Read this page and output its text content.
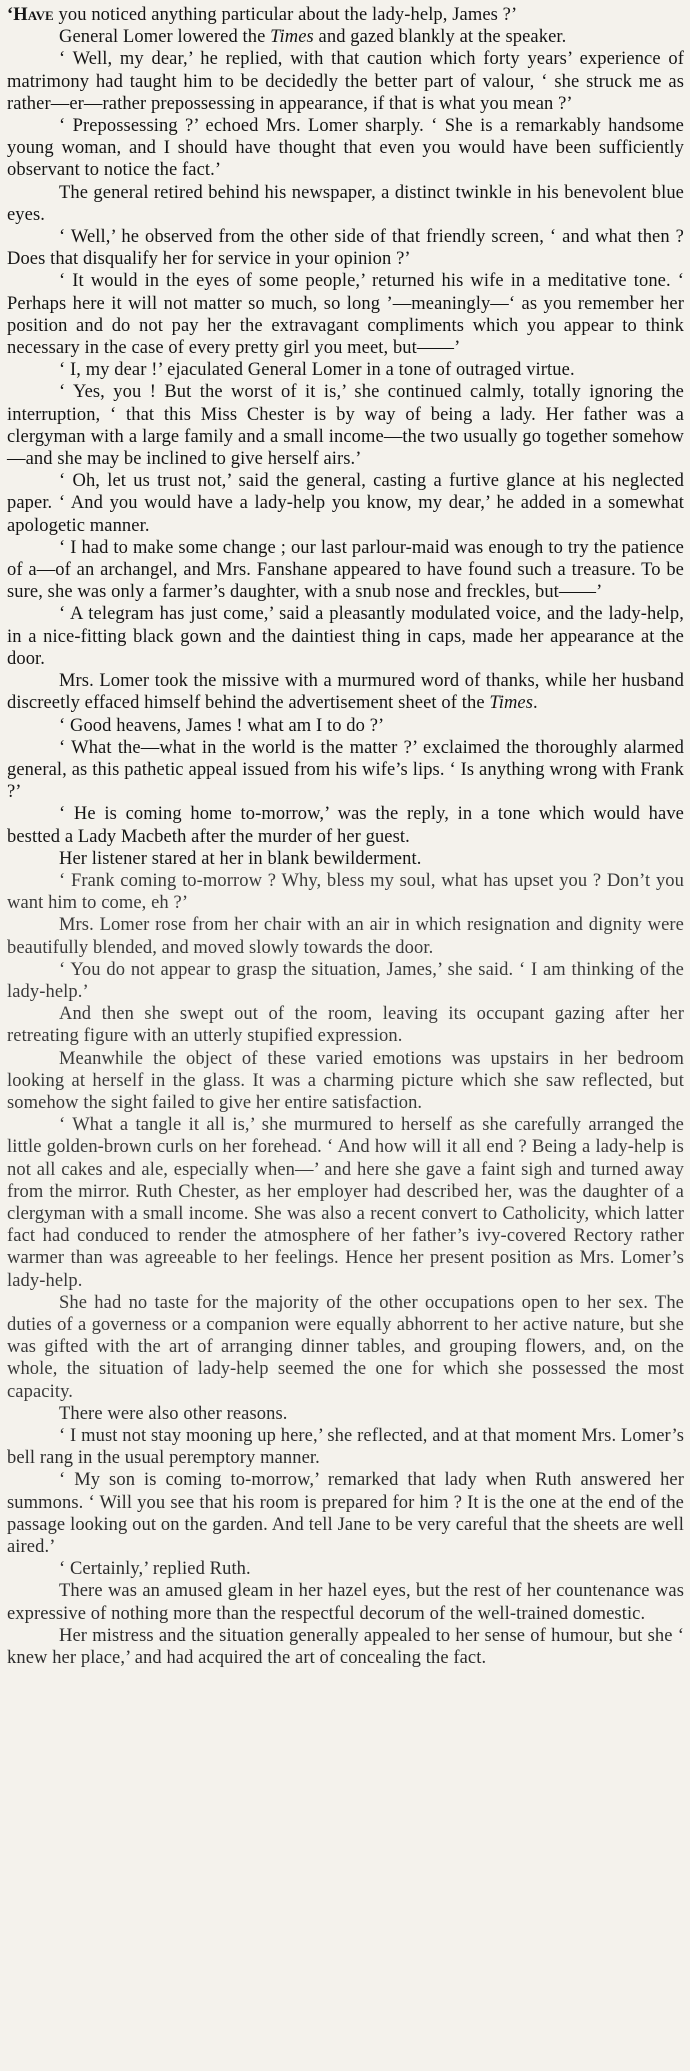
‘Have you noticed anything particular about the lady-help, James ?’

General Lomer lowered the Times and gazed blankly at the speaker.

‘ Well, my dear,’ he replied, with that caution which forty years’ experience of matrimony had taught him to be decidedly the better part of valour, ‘ she struck me as rather—er—rather prepossessing in appearance, if that is what you mean ?’

‘ Prepossessing ?’ echoed Mrs. Lomer sharply. ‘ She is a remarkably handsome young woman, and I should have thought that even you would have been sufficiently observant to notice the fact.’

The general retired behind his newspaper, a distinct twinkle in his benevolent blue eyes.

‘ Well,’ he observed from the other side of that friendly screen, ‘ and what then ? Does that disqualify her for service in your opinion ?’

‘ It would in the eyes of some people,’ returned his wife in a meditative tone. ‘ Perhaps here it will not matter so much, so long ’—meaningly—‘ as you remember her position and do not pay her the extravagant compliments which you appear to think necessary in the case of every pretty girl you meet, but——’

‘ I, my dear !’ ejaculated General Lomer in a tone of outraged virtue.

‘ Yes, you ! But the worst of it is,’ she continued calmly, totally ignoring the interruption, ‘ that this Miss Chester is by way of being a lady. Her father was a clergyman with a large family and a small income—the two usually go together somehow—and she may be inclined to give herself airs.’

‘ Oh, let us trust not,’ said the general, casting a furtive glance at his neglected paper. ‘ And you would have a lady-help you know, my dear,’ he added in a somewhat apologetic manner.

‘ I had to make some change ; our last parlour-maid was enough to try the patience of a—of an archangel, and Mrs. Fanshane appeared to have found such a treasure. To be sure, she was only a farmer’s daughter, with a snub nose and freckles, but——’

‘ A telegram has just come,’ said a pleasantly modulated voice, and the lady-help, in a nice-fitting black gown and the daintiest thing in caps, made her appearance at the door.

Mrs. Lomer took the missive with a murmured word of thanks, while her husband discreetly effaced himself behind the advertisement sheet of the Times.

‘ Good heavens, James ! what am I to do ?’

‘ What the—what in the world is the matter ?’ exclaimed the thoroughly alarmed general, as this pathetic appeal issued from his wife’s lips. ‘ Is anything wrong with Frank ?’

‘ He is coming home to-morrow,’ was the reply, in a tone which would have bestted a Lady Macbeth after the murder of her guest.

Her listener stared at her in blank bewilderment.

‘ Frank coming to-morrow ? Why, bless my soul, what has upset you ? Don’t you want him to come, eh ?’

Mrs. Lomer rose from her chair with an air in which resignation and dignity were beautifully blended, and moved slowly towards the door.

‘ You do not appear to grasp the situation, James,’ she said. ‘ I am thinking of the lady-help.’

And then she swept out of the room, leaving its occupant gazing after her retreating figure with an utterly stupified expression.

Meanwhile the object of these varied emotions was upstairs in her bedroom looking at herself in the glass. It was a charming picture which she saw reflected, but somehow the sight failed to give her entire satisfaction.

‘ What a tangle it all is,’ she murmured to herself as she carefully arranged the little golden-brown curls on her forehead. ‘ And how will it all end ? Being a lady-help is not all cakes and ale, especially when—’ and here she gave a faint sigh and turned away from the mirror. Ruth Chester, as her employer had described her, was the daughter of a clergyman with a small income. She was also a recent convert to Catholicity, which latter fact had conduced to render the atmosphere of her father’s ivy-covered Rectory rather warmer than was agreeable to her feelings. Hence her present position as Mrs. Lomer’s lady-help.

She had no taste for the majority of the other occupations open to her sex. The duties of a governess or a companion were equally abhorrent to her active nature, but she was gifted with the art of arranging dinner tables, and grouping flowers, and, on the whole, the situation of lady-help seemed the one for which she possessed the most capacity.

There were also other reasons.

‘ I must not stay mooning up here,’ she reflected, and at that moment Mrs. Lomer’s bell rang in the usual peremptory manner.

‘ My son is coming to-morrow,’ remarked that lady when Ruth answered her summons. ‘ Will you see that his room is prepared for him ? It is the one at the end of the passage looking out on the garden. And tell Jane to be very careful that the sheets are well aired.’

‘ Certainly,’ replied Ruth.

There was an amused gleam in her hazel eyes, but the rest of her countenance was expressive of nothing more than the respectful decorum of the well-trained domestic.

Her mistress and the situation generally appealed to her sense of humour, but she ‘ knew her place,’ and had acquired the art of concealing the fact.
